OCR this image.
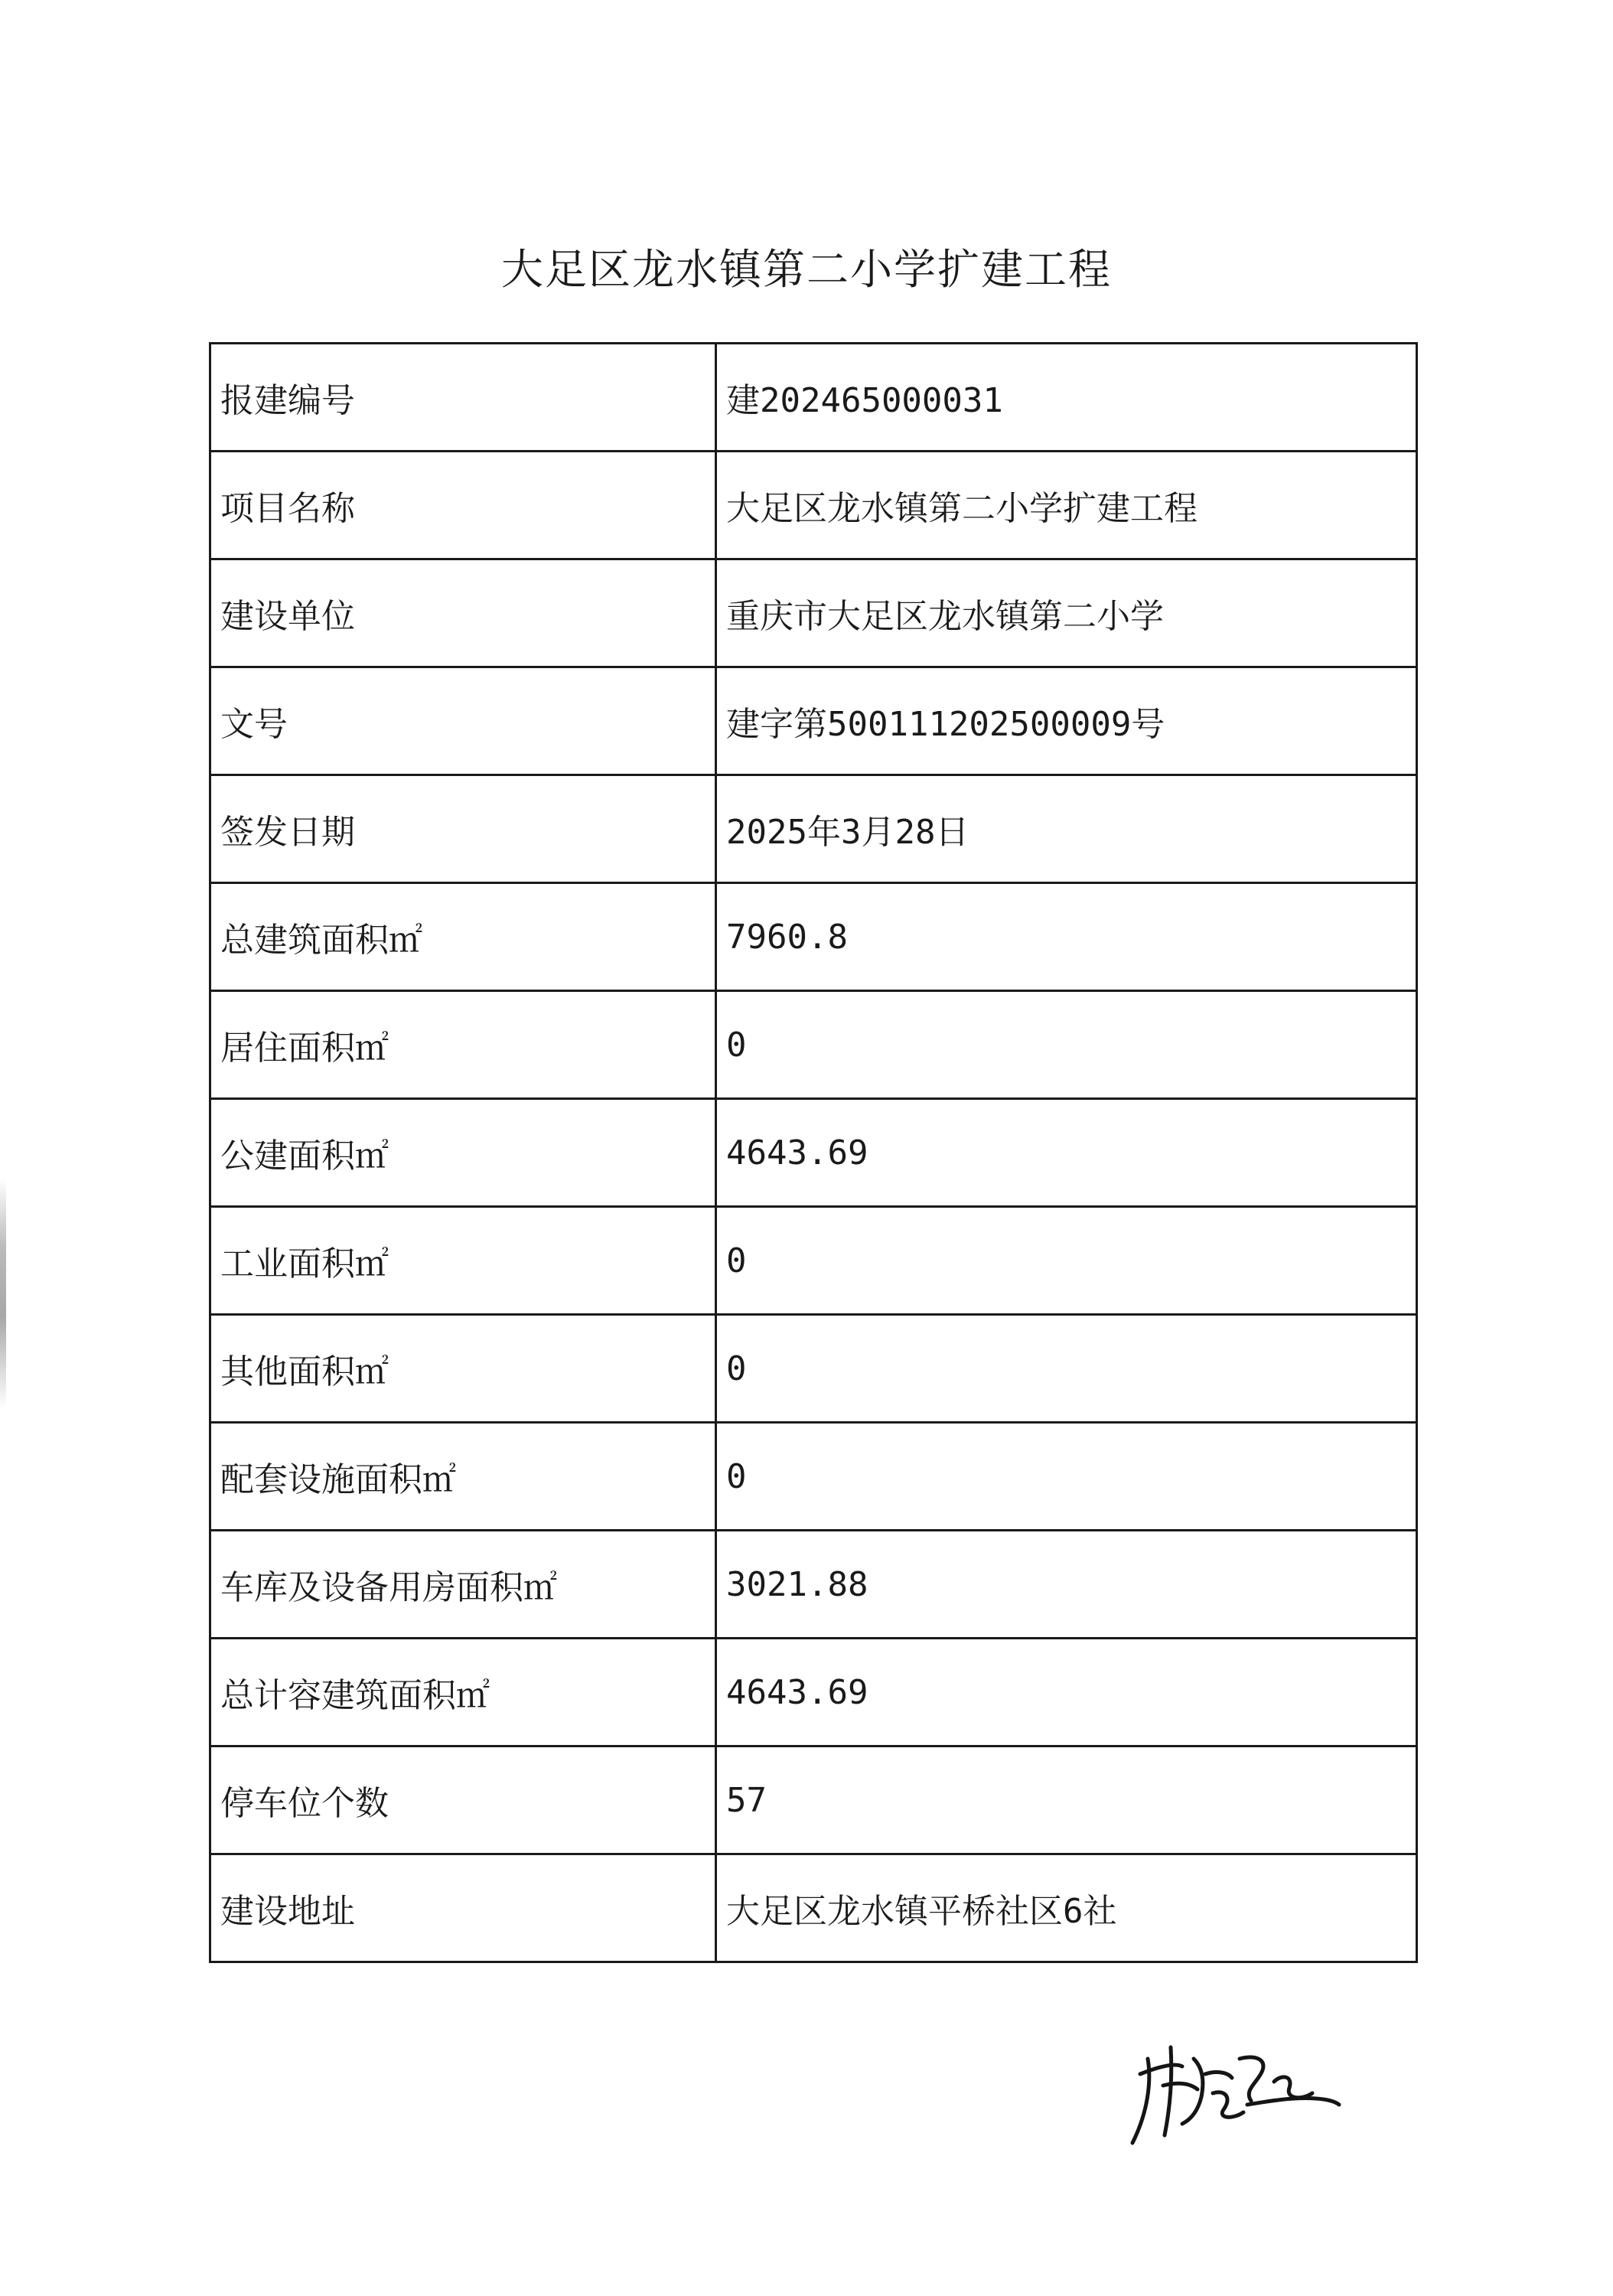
大足区龙水镇第二小学扩建工程
报建编号	建202465000031
项目名称	大足区龙水镇第二小学扩建工程
建设单位	重庆市大足区龙水镇第二小学
文号	建字第500111202500009号
签发日期	2025年3月28日
总建筑面积㎡	7960.8
居住面积㎡	0
公建面积㎡	4643.69
工业面积㎡	0
其他面积㎡	0
配套设施面积㎡	0
车库及设备用房面积㎡	3021.88
总计容建筑面积㎡	4643.69
停车位个数	57
建设地址	大足区龙水镇平桥社区6社
